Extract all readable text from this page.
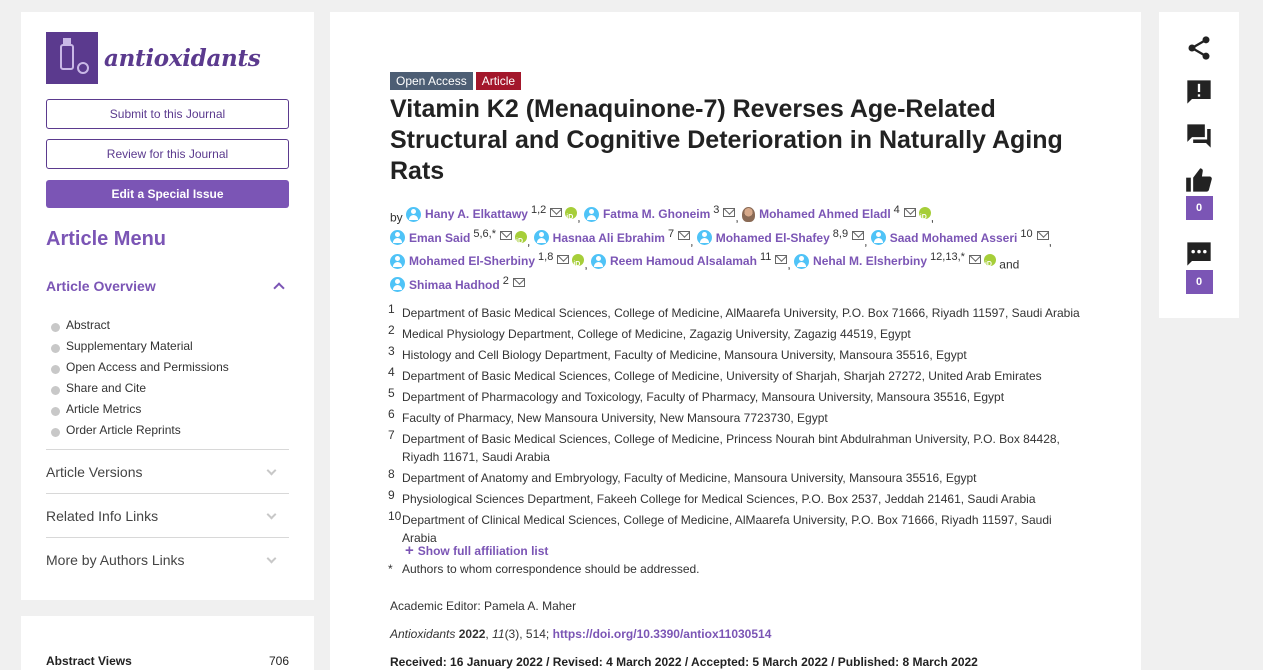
antioxidants
Submit to this Journal
Review for this Journal
Edit a Special Issue
Article Menu
Article Overview
Abstract
Supplementary Material
Open Access and Permissions
Share and Cite
Article Metrics
Order Article Reprints
Article Versions
Related Info Links
More by Authors Links
Abstract Views	706
Open Access	Article
Vitamin K2 (Menaquinone-7) Reverses Age-Related Structural and Cognitive Deterioration in Naturally Aging Rats
by Hany A. Elkattawy 1,2
iD
, Fatma M. Ghoneim 3
, Mohamed Ahmed Eladl 4
iD
,

Eman Said 5,6,*
iD
, Hasnaa Ali Ebrahim 7
, Mohamed El-Shafey 8,9
, Saad Mohamed Asseri 10
,

Mohamed El-Sherbiny 1,8
iD
, Reem Hamoud Alsalamah 11
, Nehal M. Elsherbiny 12,13,*
iD
and

Shimaa Hadhod 2
1 Department of Basic Medical Sciences, College of Medicine, AlMaarefa University, P.O. Box 71666, Riyadh 11597, Saudi Arabia
2 Medical Physiology Department, College of Medicine, Zagazig University, Zagazig 44519, Egypt
3 Histology and Cell Biology Department, Faculty of Medicine, Mansoura University, Mansoura 35516, Egypt
4 Department of Basic Medical Sciences, College of Medicine, University of Sharjah, Sharjah 27272, United Arab Emirates
5 Department of Pharmacology and Toxicology, Faculty of Pharmacy, Mansoura University, Mansoura 35516, Egypt
6 Faculty of Pharmacy, New Mansoura University, New Mansoura 7723730, Egypt
7 Department of Basic Medical Sciences, College of Medicine, Princess Nourah bint Abdulrahman University, P.O. Box 84428, Riyadh 11671, Saudi Arabia
8 Department of Anatomy and Embryology, Faculty of Medicine, Mansoura University, Mansoura 35516, Egypt
9 Physiological Sciences Department, Fakeeh College for Medical Sciences, P.O. Box 2537, Jeddah 21461, Saudi Arabia
10 Department of Clinical Medical Sciences, College of Medicine, AlMaarefa University, P.O. Box 71666, Riyadh 11597, Saudi Arabia
+ Show full affiliation list
* Authors to whom correspondence should be addressed.
Academic Editor: Pamela A. Maher
Antioxidants 2022, 11(3), 514; https://doi.org/10.3390/antiox11030514
Received: 16 January 2022 / Revised: 4 March 2022 / Accepted: 5 March 2022 / Published: 8 March 2022
0
0
